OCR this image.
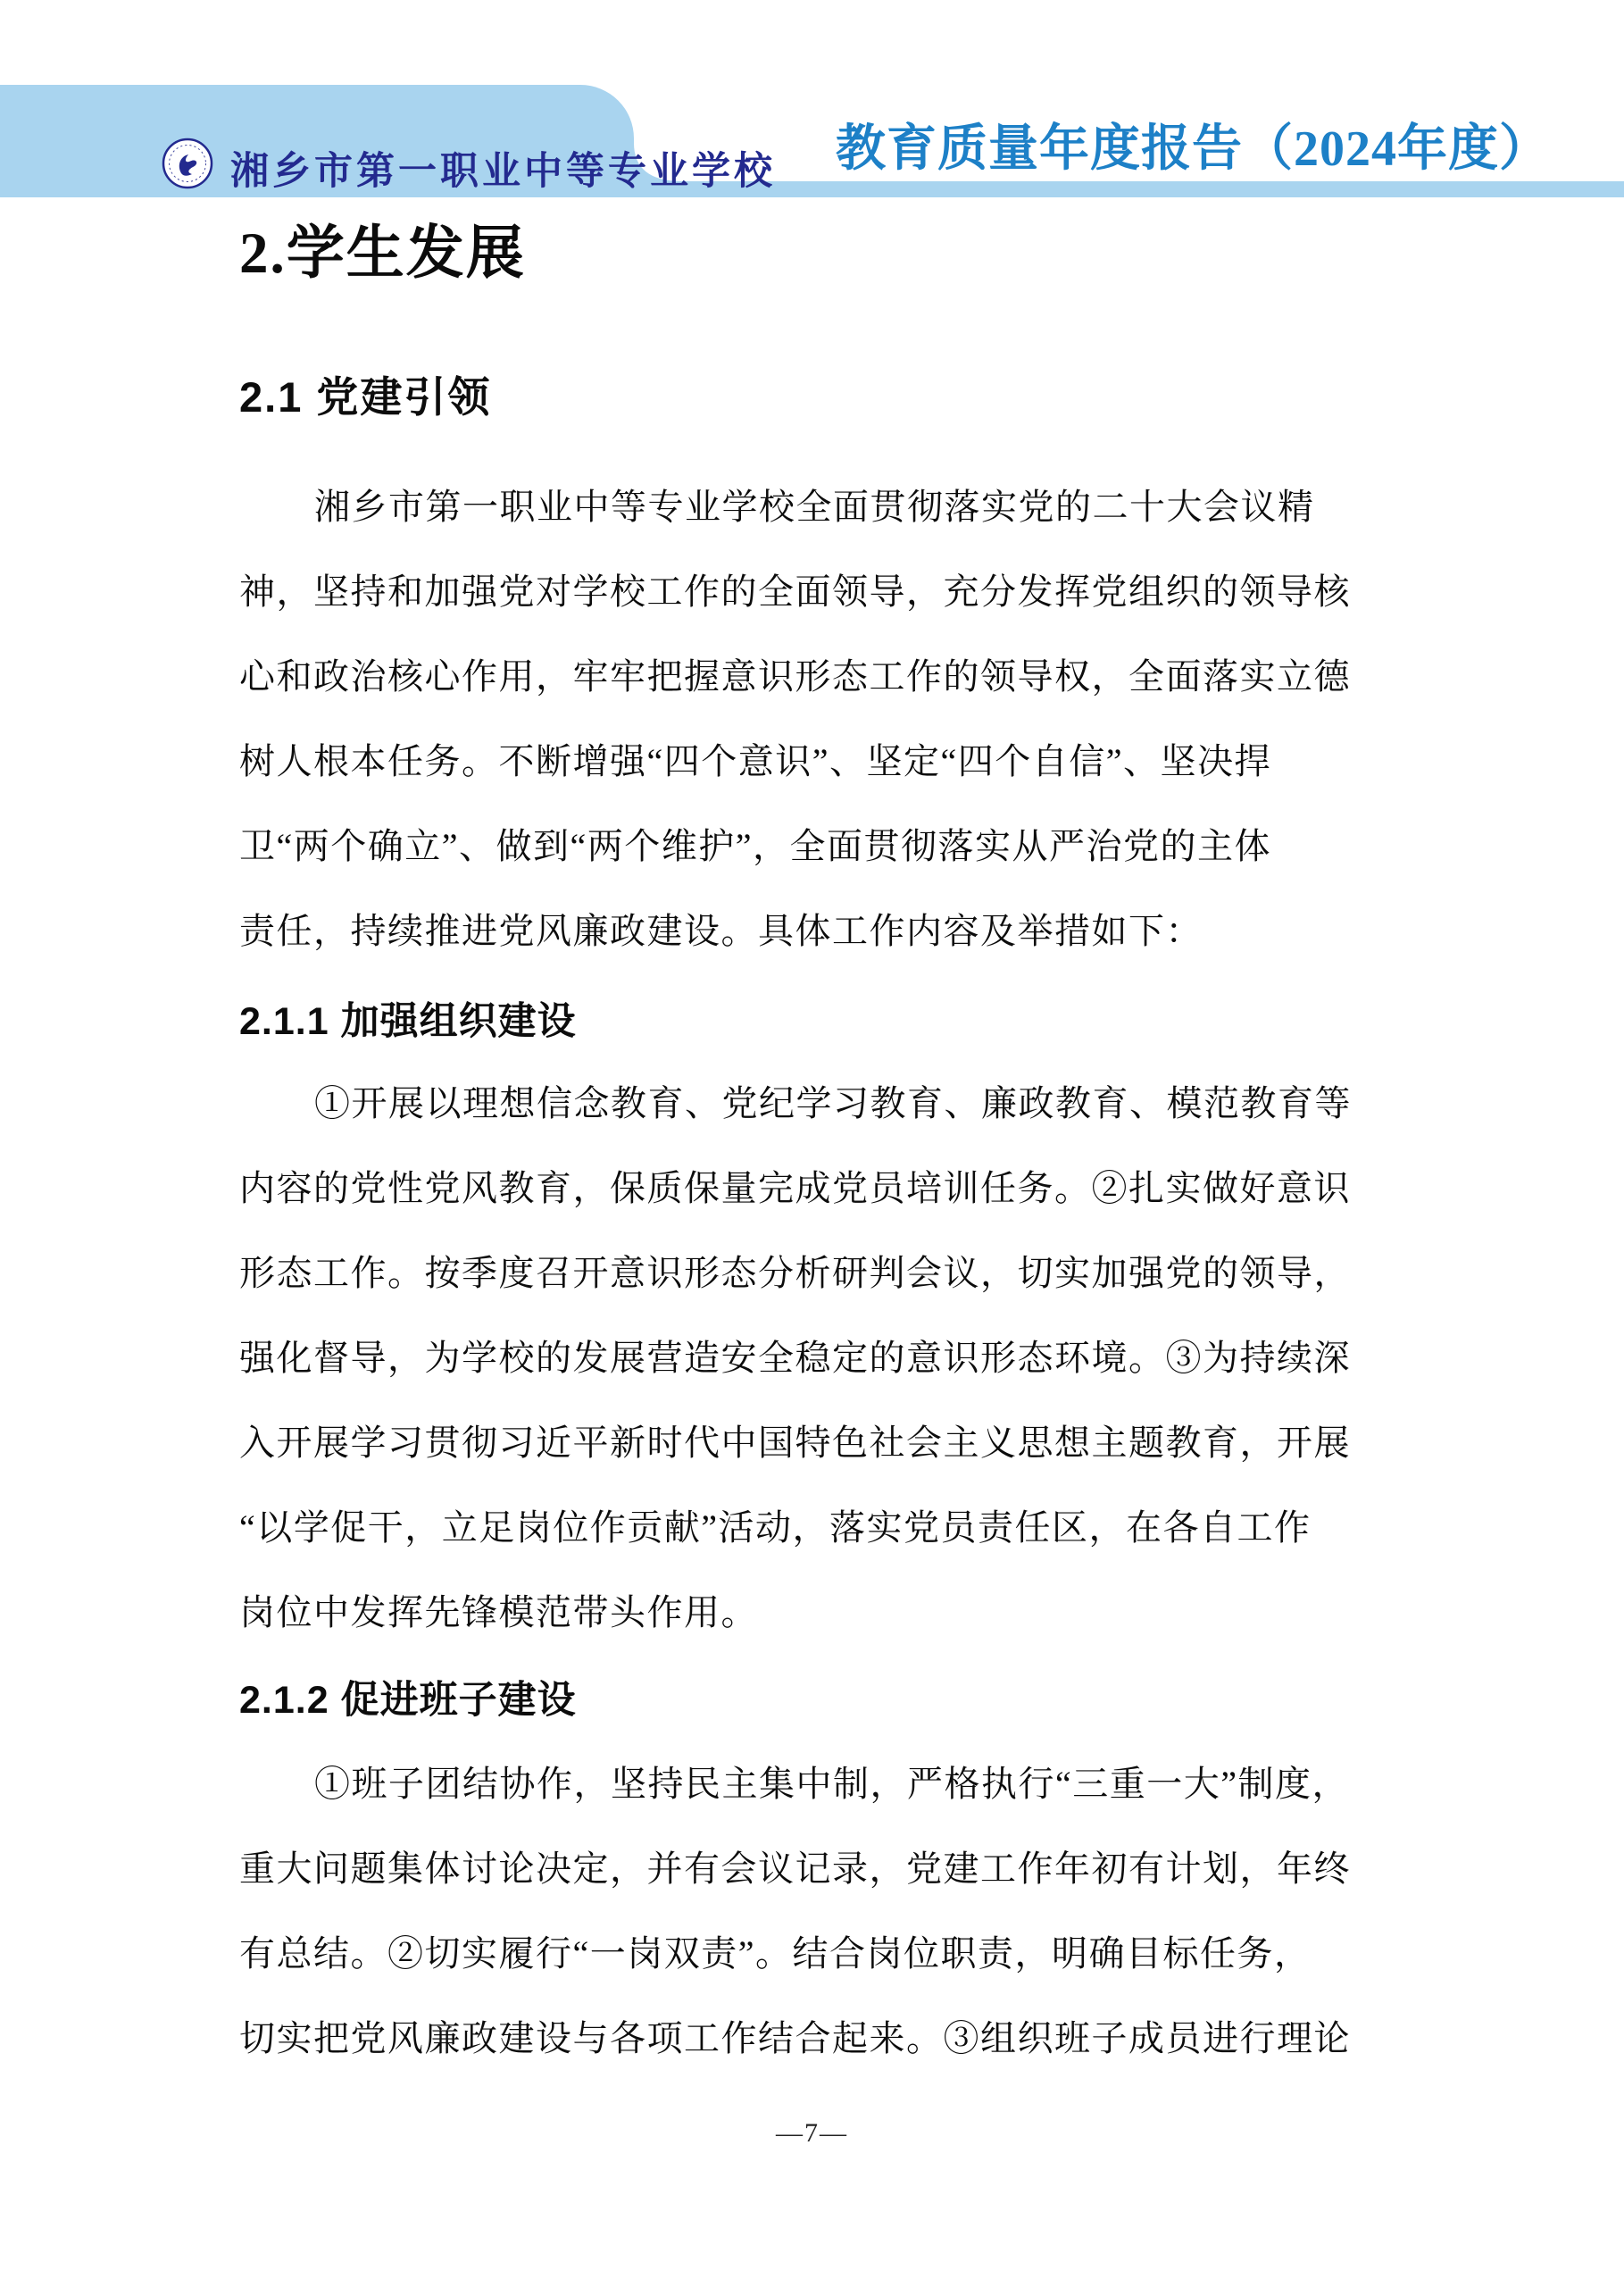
湘乡市第一职业中等专业学校 教育质量年度报告（2024年度）
2.学生发展
2.1 党建引领
湘乡市第一职业中等专业学校全面贯彻落实党的二十大会议精
神，坚持和加强党对学校工作的全面领导，充分发挥党组织的领导核
心和政治核心作用，牢牢把握意识形态工作的领导权，全面落实立德
树人根本任务。不断增强“四个意识”、坚定“四个自信”、坚决捍
卫“两个确立”、做到“两个维护”，全面贯彻落实从严治党的主体
责任，持续推进党风廉政建设。具体工作内容及举措如下：
2.1.1 加强组织建设
①开展以理想信念教育、党纪学习教育、廉政教育、模范教育等
内容的党性党风教育，保质保量完成党员培训任务。②扎实做好意识
形态工作。按季度召开意识形态分析研判会议，切实加强党的领导，
强化督导，为学校的发展营造安全稳定的意识形态环境。③为持续深
入开展学习贯彻习近平新时代中国特色社会主义思想主题教育，开展
“以学促干，立足岗位作贡献”活动，落实党员责任区，在各自工作
岗位中发挥先锋模范带头作用。
2.1.2 促进班子建设
①班子团结协作，坚持民主集中制，严格执行“三重一大”制度，
重大问题集体讨论决定，并有会议记录，党建工作年初有计划，年终
有总结。②切实履行“一岗双责”。结合岗位职责，明确目标任务，
切实把党风廉政建设与各项工作结合起来。③组织班子成员进行理论
—7—
